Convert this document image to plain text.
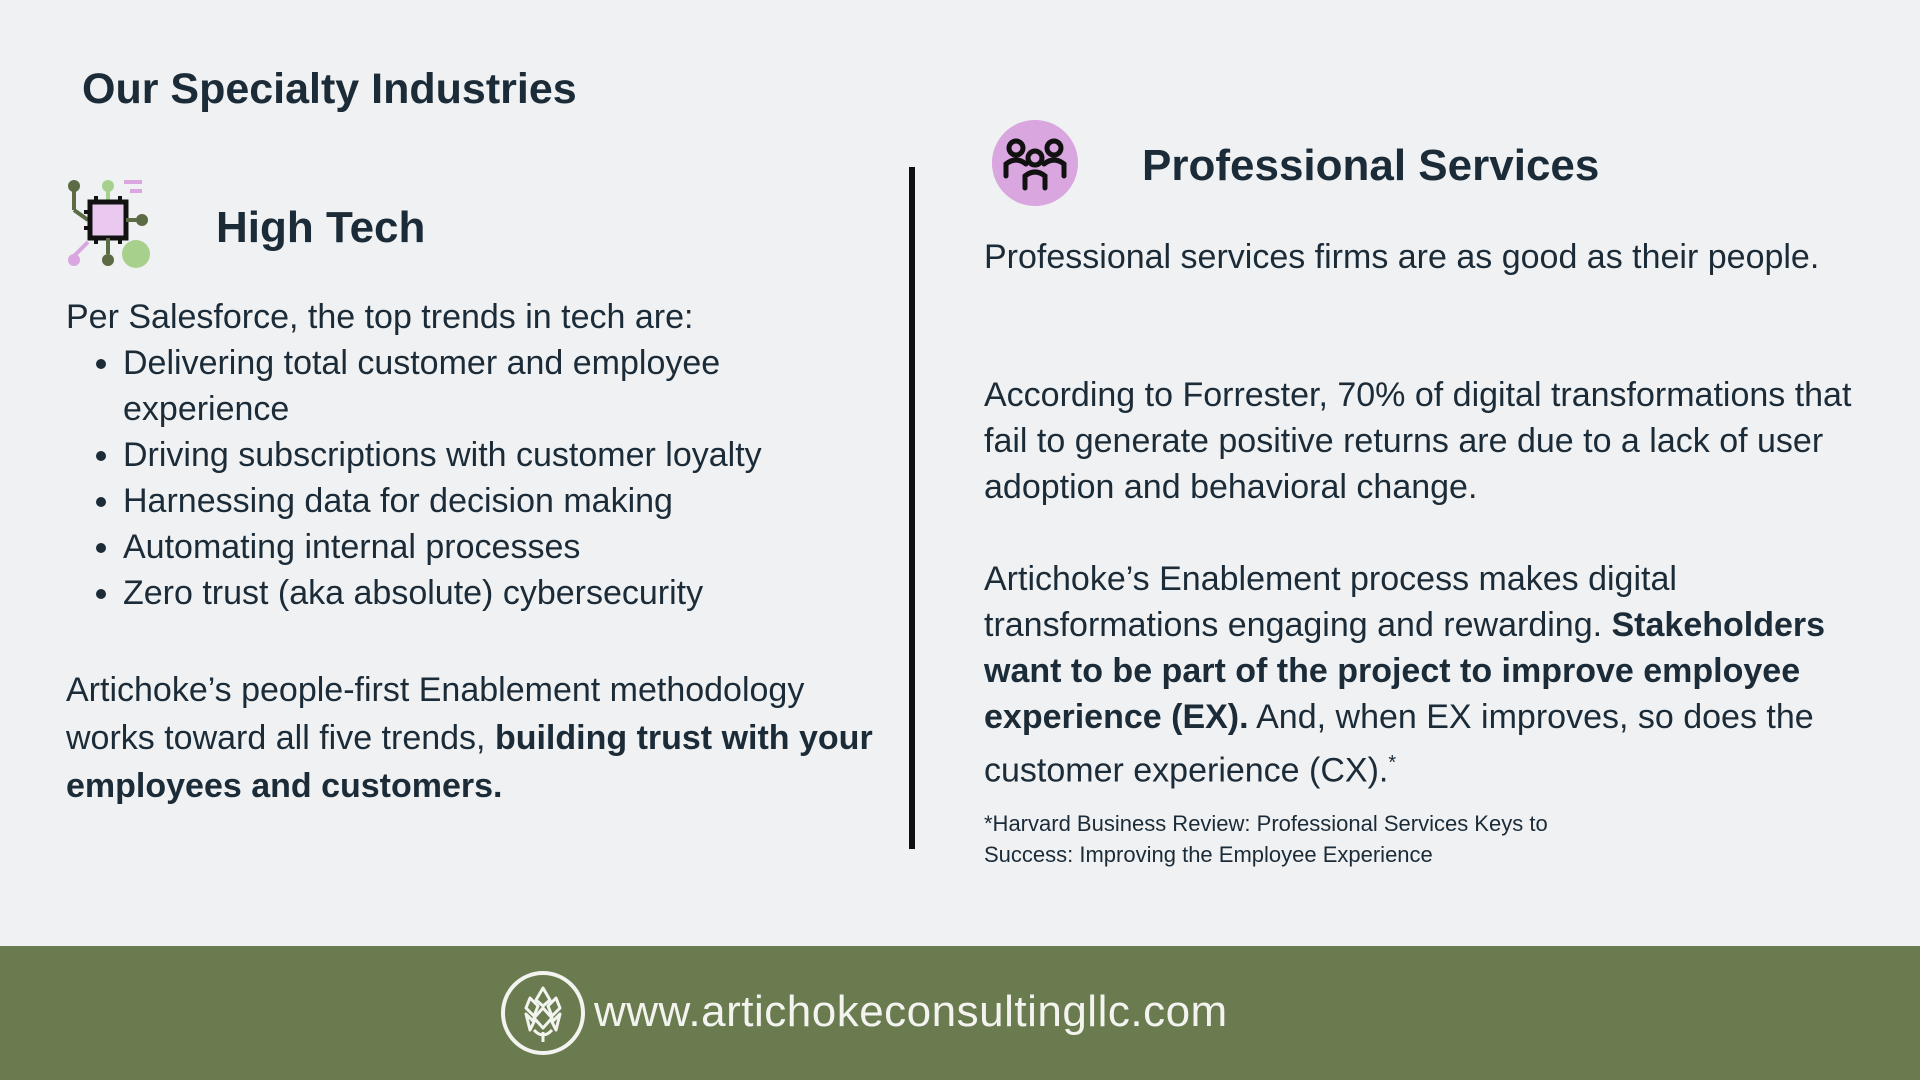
Our Specialty Industries
High Tech

Per Salesforce, the top trends in tech are:

• Delivering total customer and employee experience
• Driving subscriptions with customer loyalty
• Harnessing data for decision making
• Automating internal processes
• Zero trust (aka absolute) cybersecurity

Artichoke’s people-first Enablement methodology works toward all five trends, building trust with your employees and customers.

Professional Services

Professional services firms are as good as their people.

According to Forrester, 70% of digital transformations that fail to generate positive returns are due to a lack of user adoption and behavioral change.

Artichoke’s Enablement process makes digital transformations engaging and rewarding. Stakeholders want to be part of the project to improve employee experience (EX). And, when EX improves, so does the customer experience (CX).*

*Harvard Business Review: Professional Services Keys to Success: Improving the Employee Experience

www.artichokeconsultingllc.com
